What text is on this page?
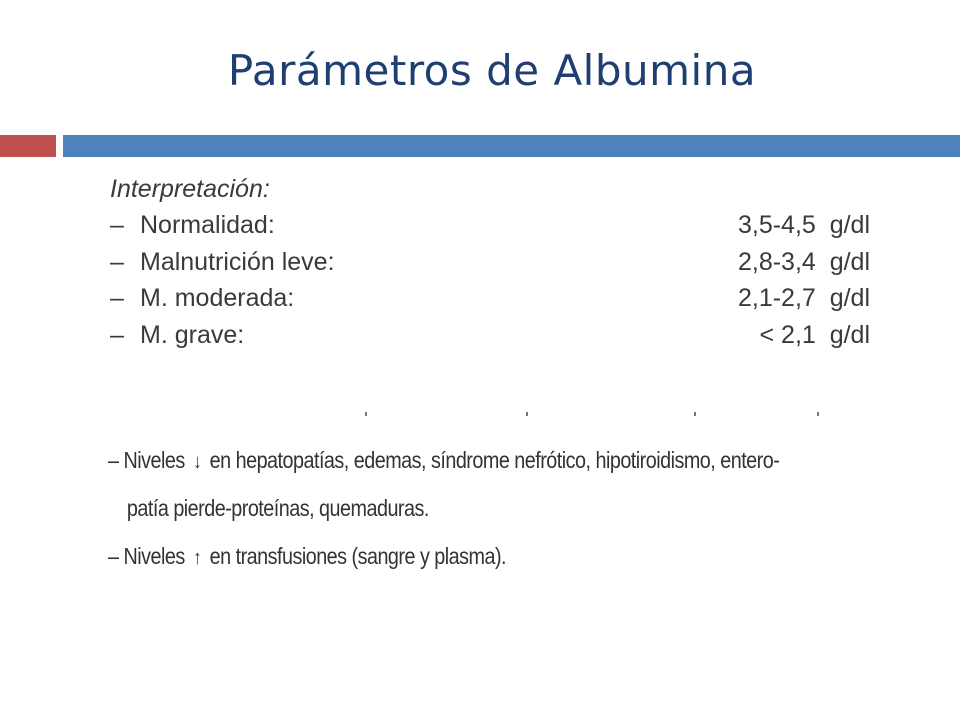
Parámetros de Albumina
Interpretación:
– Normalidad:	3,5-4,5  g/dl
– Malnutrición leve:	2,8-3,4  g/dl
– M. moderada:	2,1-2,7  g/dl
– M. grave:	< 2,1  g/dl
– Niveles ↓ en hepatopatías, edemas, síndrome nefrótico, hipotiroidismo, entero-
patía pierde-proteínas, quemaduras.
– Niveles ↑ en transfusiones (sangre y plasma).
